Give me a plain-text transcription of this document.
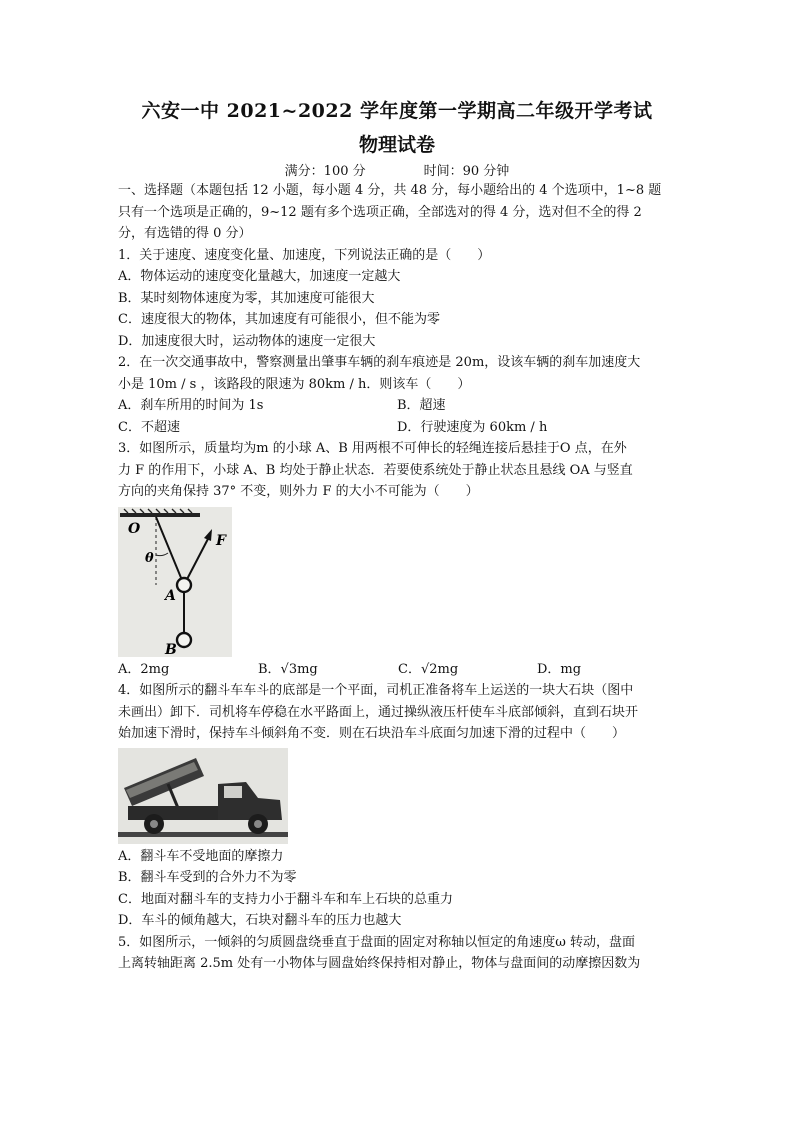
六安一中 2021~2022 学年度第一学期高二年级开学考试
物理试卷
满分：100 分	时间：90 分钟
一、选择题（本题包括 12 小题，每小题 4 分，共 48 分，每小题给出的 4 个选项中，1~8 题
只有一个选项是正确的，9~12 题有多个选项正确，全部选对的得 4 分，选对但不全的得 2
分，有选错的得 0 分）
1．关于速度、速度变化量、加速度，下列说法正确的是（　　）
A．物体运动的速度变化量越大，加速度一定越大
B．某时刻物体速度为零，其加速度可能很大
C．速度很大的物体，其加速度有可能很小，但不能为零
D．加速度很大时，运动物体的速度一定很大
2．在一次交通事故中，警察测量出肇事车辆的刹车痕迹是 20m，设该车辆的刹车加速度大
小是 10m / s ，该路段的限速为 80km / h．则该车（　　）
A．刹车所用的时间为 1s	B．超速
C．不超速	D．行驶速度为 60km / h
3．如图所示，质量均为m 的小球 A、B 用两根不可伸长的轻绳连接后悬挂于O 点，在外
力 F 的作用下，小球 A、B 均处于静止状态．若要使系统处于静止状态且悬线 OA 与竖直
方向的夹角保持 37° 不变，则外力 F 的大小不可能为（　　）
O
θ
A
B
F
A．2mg	B．√3mg	C．√2mg	D．mg
4．如图所示的翻斗车车斗的底部是一个平面，司机正准备将车上运送的一块大石块（图中
未画出）卸下．司机将车停稳在水平路面上，通过操纵液压杆使车斗底部倾斜，直到石块开
始加速下滑时，保持车斗倾斜角不变．则在石块沿车斗底面匀加速下滑的过程中（　　）
A．翻斗车不受地面的摩擦力
B．翻斗车受到的合外力不为零
C．地面对翻斗车的支持力小于翻斗车和车上石块的总重力
D．车斗的倾角越大，石块对翻斗车的压力也越大
5．如图所示，一倾斜的匀质圆盘绕垂直于盘面的固定对称轴以恒定的角速度ω 转动，盘面
上离转轴距离 2.5m 处有一小物体与圆盘始终保持相对静止，物体与盘面间的动摩擦因数为
